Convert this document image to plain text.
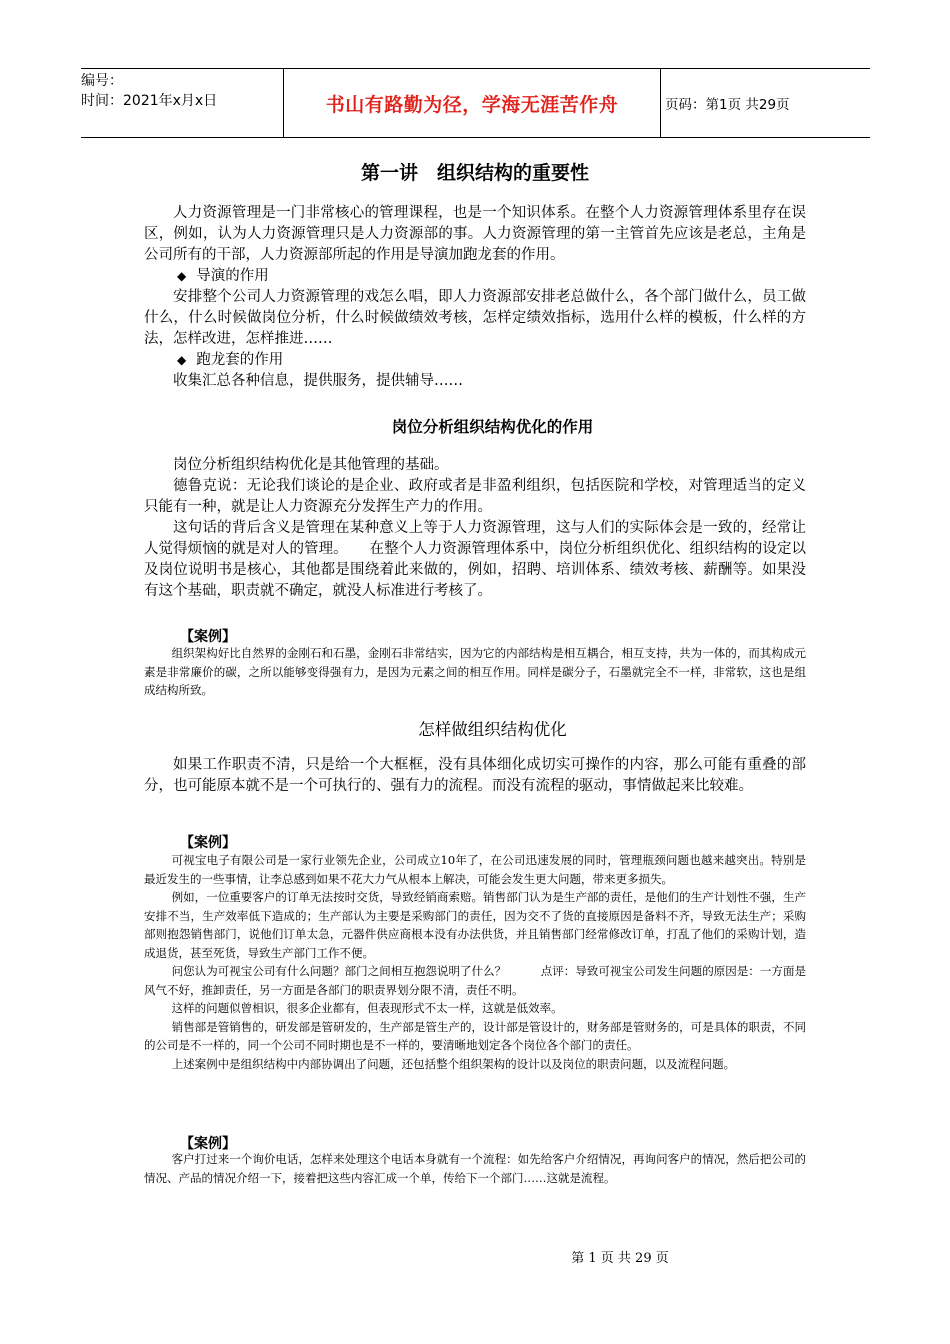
编号：
时间：2021年x月x日	书山有路勤为径，学海无涯苦作舟	页码：第1页 共29页
第一讲　组织结构的重要性

人力资源管理是一门非常核心的管理课程，也是一个知识体系。在整个人力资源管理体系里存在误区，例如，认为人力资源管理只是人力资源部的事。人力资源管理的第一主管首先应该是老总，主角是公司所有的干部，人力资源部所起的作用是导演加跑龙套的作用。

◆ 导演的作用

安排整个公司人力资源管理的戏怎么唱，即人力资源部安排老总做什么，各个部门做什么，员工做什么，什么时候做岗位分析，什么时候做绩效考核，怎样定绩效指标，选用什么样的模板，什么样的方法，怎样改进，怎样推进……

◆ 跑龙套的作用

收集汇总各种信息，提供服务，提供辅导……

岗位分析组织结构优化的作用

岗位分析组织结构优化是其他管理的基础。

德鲁克说：无论我们谈论的是企业、政府或者是非盈利组织，包括医院和学校，对管理适当的定义只能有一种，就是让人力资源充分发挥生产力的作用。

这句话的背后含义是管理在某种意义上等于人力资源管理，这与人们的实际体会是一致的，经常让人觉得烦恼的就是对人的管理。　　在整个人力资源管理体系中，岗位分析组织优化、组织结构的设定以及岗位说明书是核心，其他都是围绕着此来做的，例如，招聘、培训体系、绩效考核、薪酬等。如果没有这个基础，职责就不确定，就没人标准进行考核了。

【案例】

组织架构好比自然界的金刚石和石墨，金刚石非常结实，因为它的内部结构是相互耦合，相互支持，共为一体的，而其构成元素是非常廉价的碳，之所以能够变得强有力，是因为元素之间的相互作用。同样是碳分子，石墨就完全不一样，非常软，这也是组成结构所致。

怎样做组织结构优化

如果工作职责不清，只是给一个大框框，没有具体细化成切实可操作的内容，那么可能有重叠的部分，也可能原本就不是一个可执行的、强有力的流程。而没有流程的驱动，事情做起来比较难。

【案例】

可视宝电子有限公司是一家行业领先企业，公司成立10年了，在公司迅速发展的同时，管理瓶颈问题也越来越突出。特别是最近发生的一些事情，让李总感到如果不花大力气从根本上解决，可能会发生更大问题，带来更多损失。

例如，一位重要客户的订单无法按时交货，导致经销商索赔。销售部门认为是生产部的责任，是他们的生产计划性不强，生产安排不当，生产效率低下造成的；生产部认为主要是采购部门的责任，因为交不了货的直接原因是备料不齐，导致无法生产；采购部则抱怨销售部门，说他们订单太急，元器件供应商根本没有办法供货，并且销售部门经常修改订单，打乱了他们的采购计划，造成退货，甚至死货，导致生产部门工作不便。

问您认为可视宝公司有什么问题？部门之间相互抱怨说明了什么？　　　点评：导致可视宝公司发生问题的原因是：一方面是风气不好，推卸责任，另一方面是各部门的职责界划分限不清，责任不明。

这样的问题似曾相识，很多企业都有，但表现形式不太一样，这就是低效率。

销售部是管销售的，研发部是管研发的，生产部是管生产的，设计部是管设计的，财务部是管财务的，可是具体的职责，不同的公司是不一样的，同一个公司不同时期也是不一样的，要清晰地划定各个岗位各个部门的责任。

上述案例中是组织结构中内部协调出了问题，还包括整个组织架构的设计以及岗位的职责问题，以及流程问题。

【案例】

客户打过来一个询价电话，怎样来处理这个电话本身就有一个流程：如先给客户介绍情况，再询问客户的情况，然后把公司的情况、产品的情况介绍一下，接着把这些内容汇成一个单，传给下一个部门……这就是流程。

第 1 页 共 29 页
